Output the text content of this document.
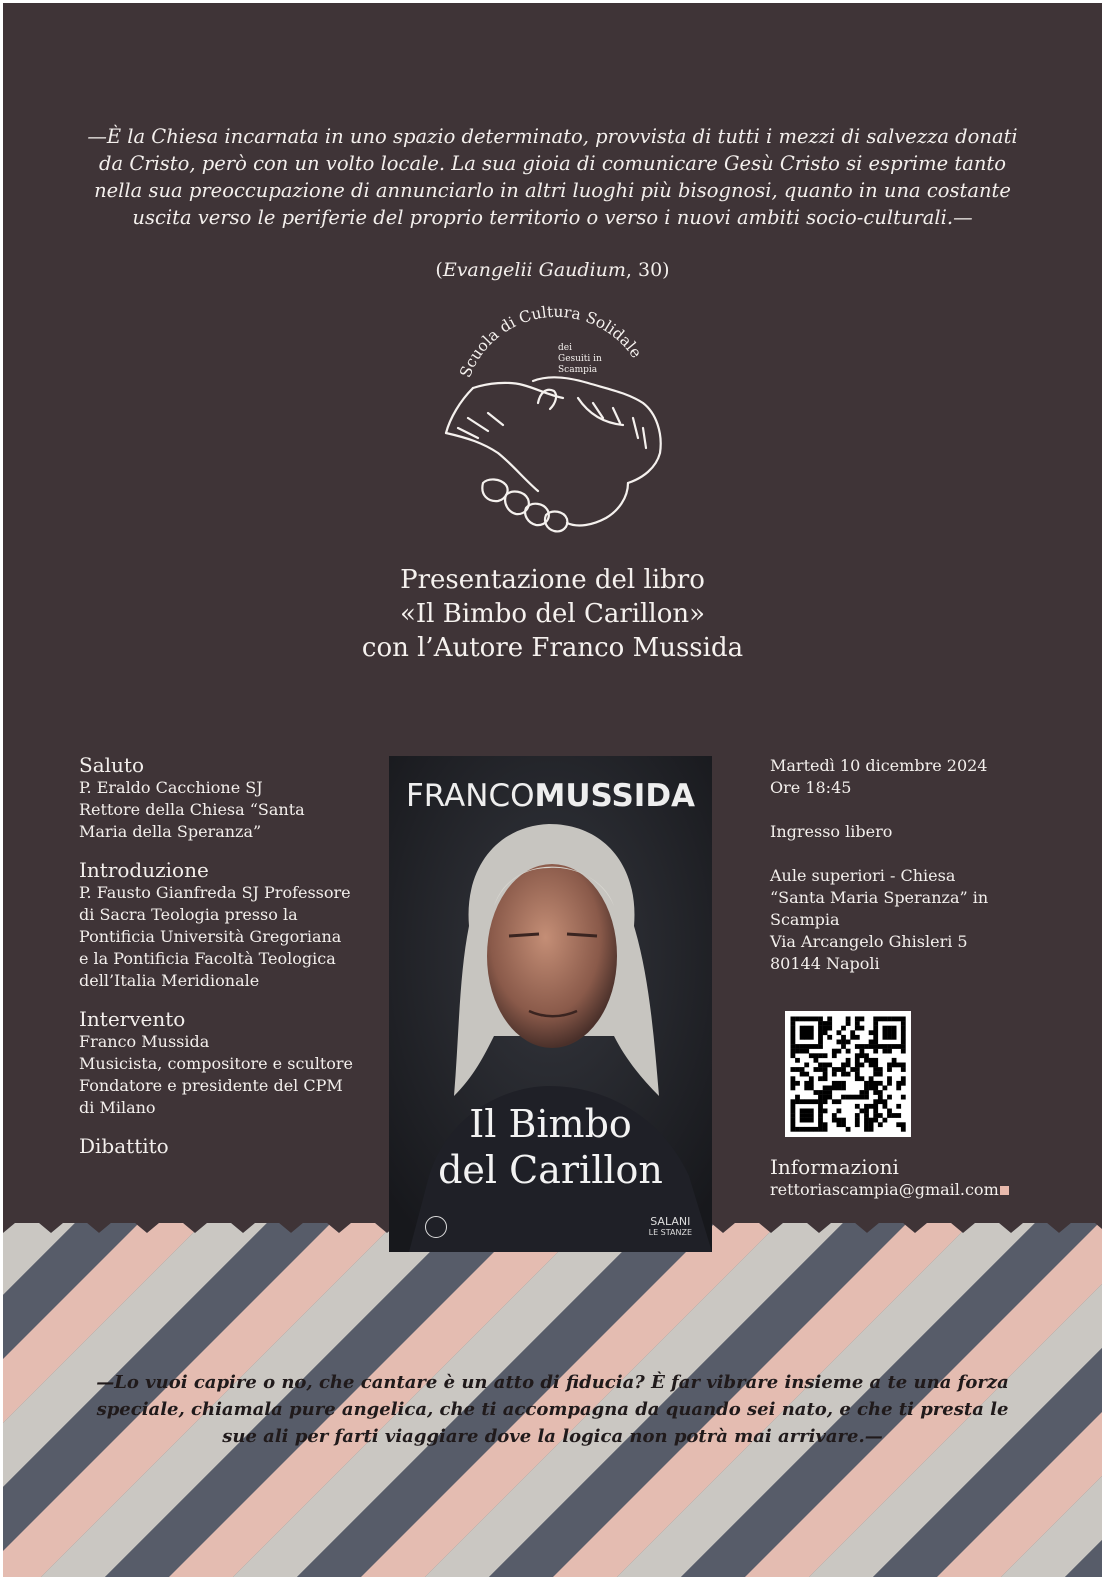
—È la Chiesa incarnata in uno spazio determinato, provvista di tutti i mezzi di salvezza donati da Cristo, però con un volto locale. La sua gioia di comunicare Gesù Cristo si esprime tanto nella sua preoccupazione di annunciarlo in altri luoghi più bisognosi, quanto in una costante uscita verso le periferie del proprio territorio o verso i nuovi ambiti socio-culturali.—

(Evangelii Gaudium, 30)

Scuola di Cultura Solidale
dei
Gesuiti in
Scampia
Presentazione del libro
«Il Bimbo del Carillon»
con l’Autore Franco Mussida
Saluto
P. Eraldo Cacchione SJ
Rettore della Chiesa “Santa
Maria della Speranza”
Introduzione
P. Fausto Gianfreda SJ Professore
di Sacra Teologia presso la
Pontificia Università Gregoriana
e la Pontificia Facoltà Teologica
dell’Italia Meridionale
Intervento
Franco Mussida
Musicista, compositore e scultore
Fondatore e presidente del CPM
di Milano
Dibattito
FRANCOMUSSIDA
Il Bimbo
del Carillon
SALANI
LE STANZE

Martedì 10 dicembre 2024

Ore 18:45

Ingresso libero

Aule superiori - Chiesa
“Santa Maria Speranza” in
Scampia

Via Arcangelo Ghisleri 5

80144 Napoli

Informazioni
rettoriascampia@gmail.com

—Lo vuoi capire o no, che cantare è un atto di fiducia? È far vibrare insieme a te una forza speciale, chiamala pure angelica, che ti accompagna da quando sei nato, e che ti presta le sue ali per farti viaggiare dove la logica non potrà mai arrivare.—
